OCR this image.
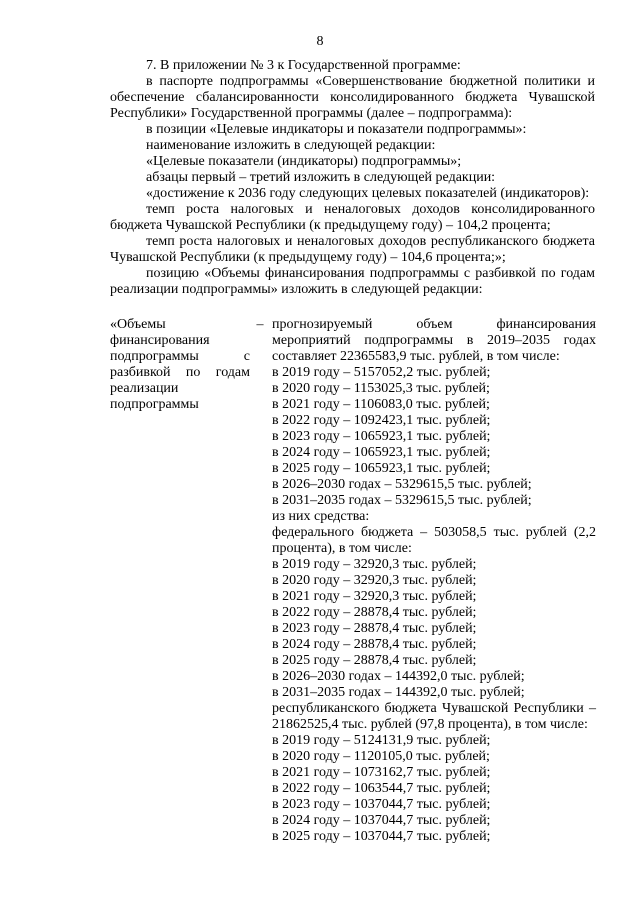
8

7. В приложении № 3 к Государственной программе:

в паспорте подпрограммы «Совершенствование бюджетной политики и обеспечение сбалансированности консолидированного бюджета Чувашской Республики» Государственной программы (далее – подпрограмма):

в позиции «Целевые индикаторы и показатели подпрограммы»:

наименование изложить в следующей редакции:

«Целевые показатели (индикаторы) подпрограммы»;

абзацы первый – третий изложить в следующей редакции:

«достижение к 2036 году следующих целевых показателей (индикаторов):

темп роста налоговых и неналоговых доходов консолидированного бюджета Чувашской Республики (к предыдущему году) – 104,2 процента;

темп роста налоговых и неналоговых доходов республиканского бюджета Чувашской Республики (к предыдущему году) – 104,6 процента;»;

позицию «Объемы финансирования подпрограммы с разбивкой по годам реализации подпрограммы» изложить в следующей редакции:

«Объемы финансирования подпрограммы с разбивкой по годам реализации подпрограммы
– прогнозируемый объем финансирования мероприятий подпрограммы в 2019–2035 годах составляет 22365583,9 тыс. рублей, в том числе:
в 2019 году – 5157052,2 тыс. рублей;
в 2020 году – 1153025,3 тыс. рублей;
в 2021 году – 1106083,0 тыс. рублей;
в 2022 году – 1092423,1 тыс. рублей;
в 2023 году – 1065923,1 тыс. рублей;
в 2024 году – 1065923,1 тыс. рублей;
в 2025 году – 1065923,1 тыс. рублей;
в 2026–2030 годах – 5329615,5 тыс. рублей;
в 2031–2035 годах – 5329615,5 тыс. рублей;
из них средства:
федерального бюджета – 503058,5 тыс. рублей (2,2 процента), в том числе:
в 2019 году – 32920,3 тыс. рублей;
в 2020 году – 32920,3 тыс. рублей;
в 2021 году – 32920,3 тыс. рублей;
в 2022 году – 28878,4 тыс. рублей;
в 2023 году – 28878,4 тыс. рублей;
в 2024 году – 28878,4 тыс. рублей;
в 2025 году – 28878,4 тыс. рублей;
в 2026–2030 годах – 144392,0 тыс. рублей;
в 2031–2035 годах – 144392,0 тыс. рублей;
республиканского бюджета Чувашской Республики – 21862525,4 тыс. рублей (97,8 процента), в том числе:
в 2019 году – 5124131,9 тыс. рублей;
в 2020 году – 1120105,0 тыс. рублей;
в 2021 году – 1073162,7 тыс. рублей;
в 2022 году – 1063544,7 тыс. рублей;
в 2023 году – 1037044,7 тыс. рублей;
в 2024 году – 1037044,7 тыс. рублей;
в 2025 году – 1037044,7 тыс. рублей;
